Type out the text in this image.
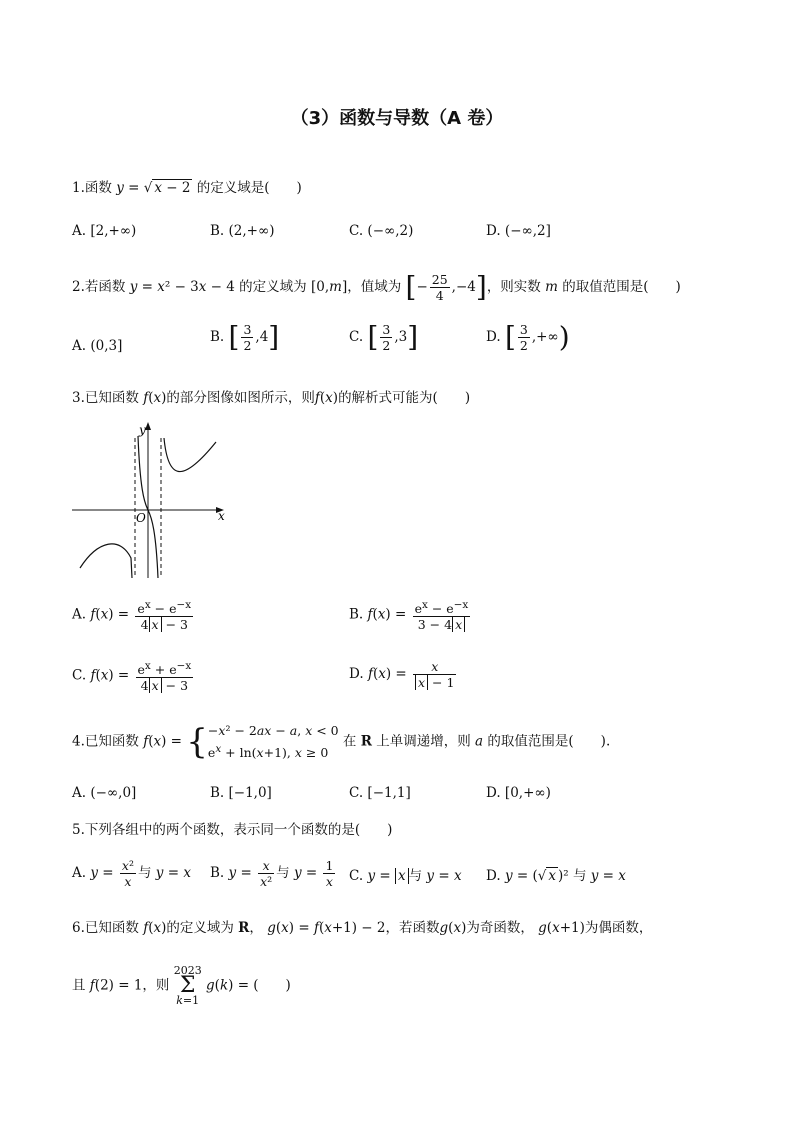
（3）函数与导数（A 卷）
1.函数 y = √ x − 2 的定义域是(　　)
A. [2,+∞)	B. (2,+∞)	C. (−∞,2)	D. (−∞,2]
2.若函数 y = x² − 3x − 4 的定义域为 [0,m]，值域为 [− $\frac{25}{4} ,-4$]，则实数 m 的取值范围是(　　)
A. (0,3]
B. [ $\frac{3}{2} ,4$]	C. [ $\frac{3}{2} ,3$]	D. [ $\frac{3}{2}$ ,+∞)
3.已知函数 f(x)的部分图像如图所示，则f(x)的解析式可能为(　　)
x
y
O
A. $f(x) = \frac{e^x - e^{-x}}{4 x - 3}$	B. $f(x) = \frac{e^x - e^{-x}}{3 - 4 x}$
C. $f(x) = \frac{e^x + e^{-x}}{4 x - 3}$	D. $f(x) = \frac{x}{x - 1}$
4.已知函数 f(x) = {−x² − 2ax − a, x < 0
$e^x + \ln(x+1)$, x ≥ 0 在 R 上单调递增，则 a 的取值范围是(　　).
A. (−∞,0]	B. [−1,0]	C. [−1,1]	D. [0,+∞)
5.下列各组中的两个函数，表示同一个函数的是(　　)
A. $y = \frac{\text{x²}}{x}$ 与 y = x B. $y = \frac{x}{\text{x²}}$ 与 $y = \frac{1}{x} C$. y = x 与 y = x D. y = (√ x )² 与 y = x
6.已知函数 f(x)的定义域为 R， g(x) = f(x+1) − 2，若函数g(x)为奇函数， g(x+1)为偶函数，
且 f(2) = 1，则 2023
Σ
k=1 g(k) = (　　)
